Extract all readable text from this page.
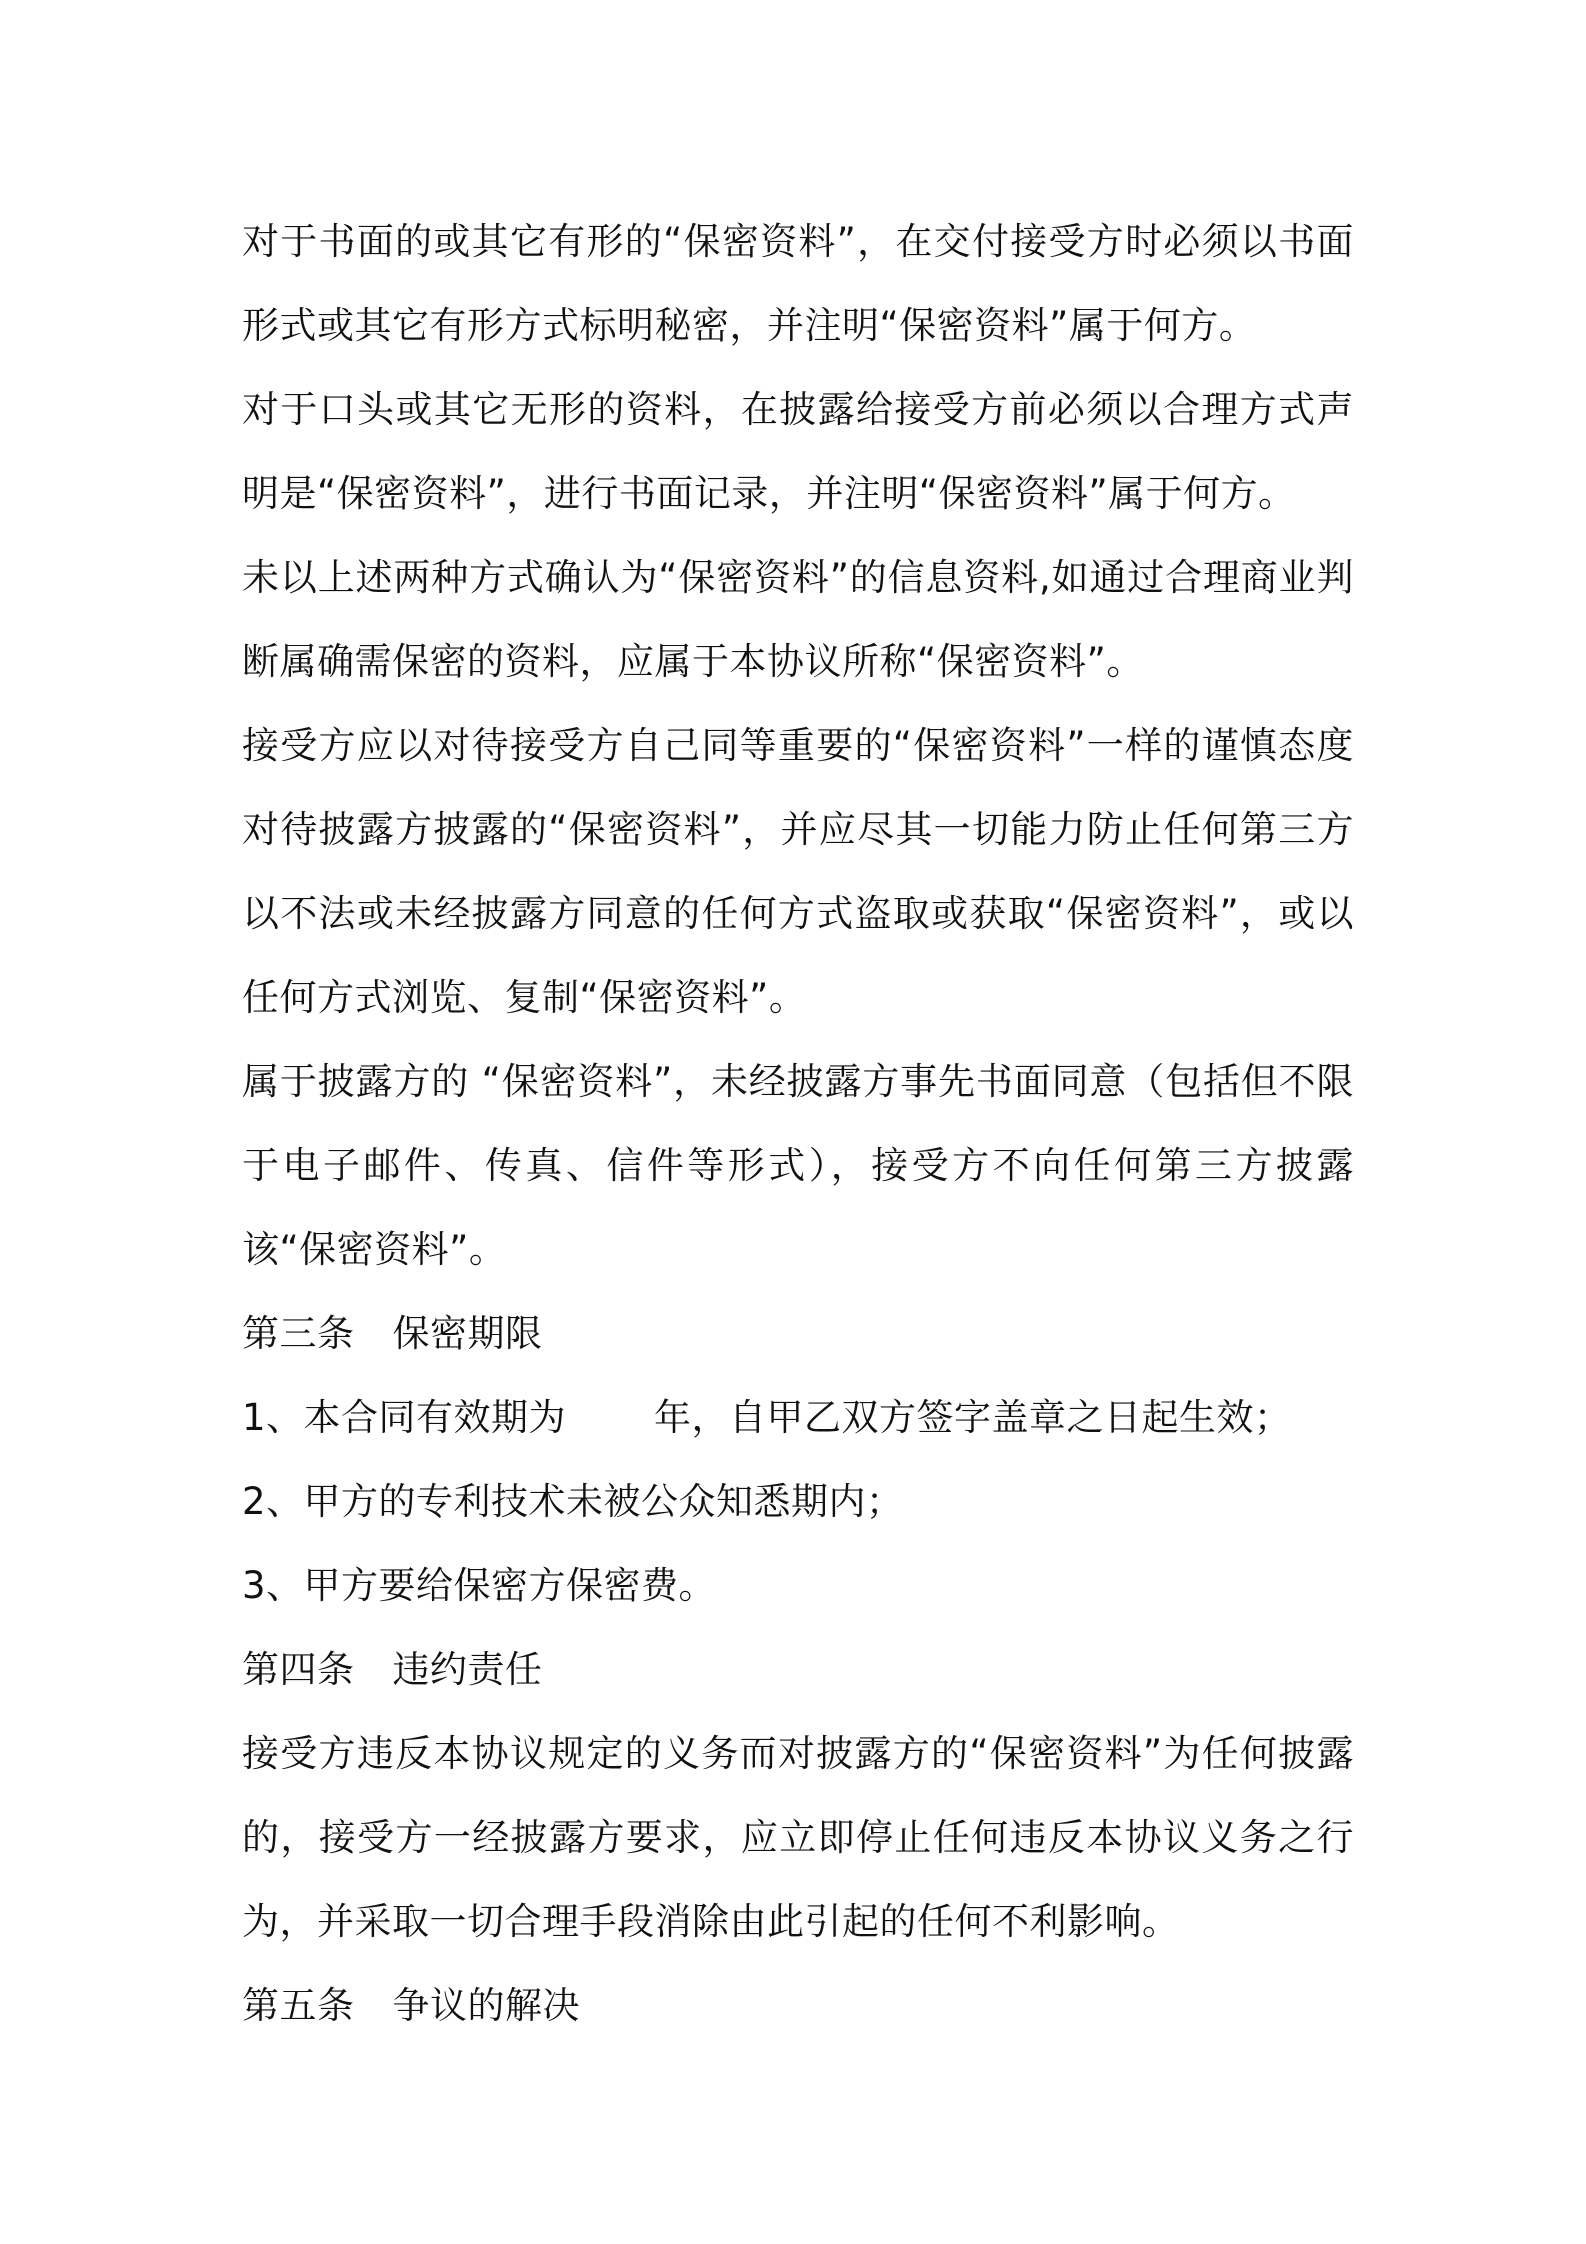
对于书面的或其它有形的“保密资料”，在交付接受方时必须以书面形式或其它有形方式标明秘密，并注明“保密资料”属于何方。

对于口头或其它无形的资料，在披露给接受方前必须以合理方式声明是“保密资料”，进行书面记录，并注明“保密资料”属于何方。

未以上述两种方式确认为“保密资料”的信息资料,如通过合理商业判断属确需保密的资料，应属于本协议所称“保密资料”。

接受方应以对待接受方自己同等重要的“保密资料”一样的谨慎态度对待披露方披露的“保密资料”，并应尽其一切能力防止任何第三方以不法或未经披露方同意的任何方式盗取或获取“保密资料”，或以任何方式浏览、复制“保密资料”。

属于披露方的 “保密资料”，未经披露方事先书面同意（包括但不限于电子邮件、传真、信件等形式），接受方不向任何第三方披露该“保密资料”。

第三条 保密期限

1、本合同有效期为 年，自甲乙双方签字盖章之日起生效；

2、甲方的专利技术未被公众知悉期内；

3、甲方要给保密方保密费。

第四条 违约责任

接受方违反本协议规定的义务而对披露方的“保密资料”为任何披露的，接受方一经披露方要求，应立即停止任何违反本协议义务之行为，并采取一切合理手段消除由此引起的任何不利影响。

第五条 争议的解决
